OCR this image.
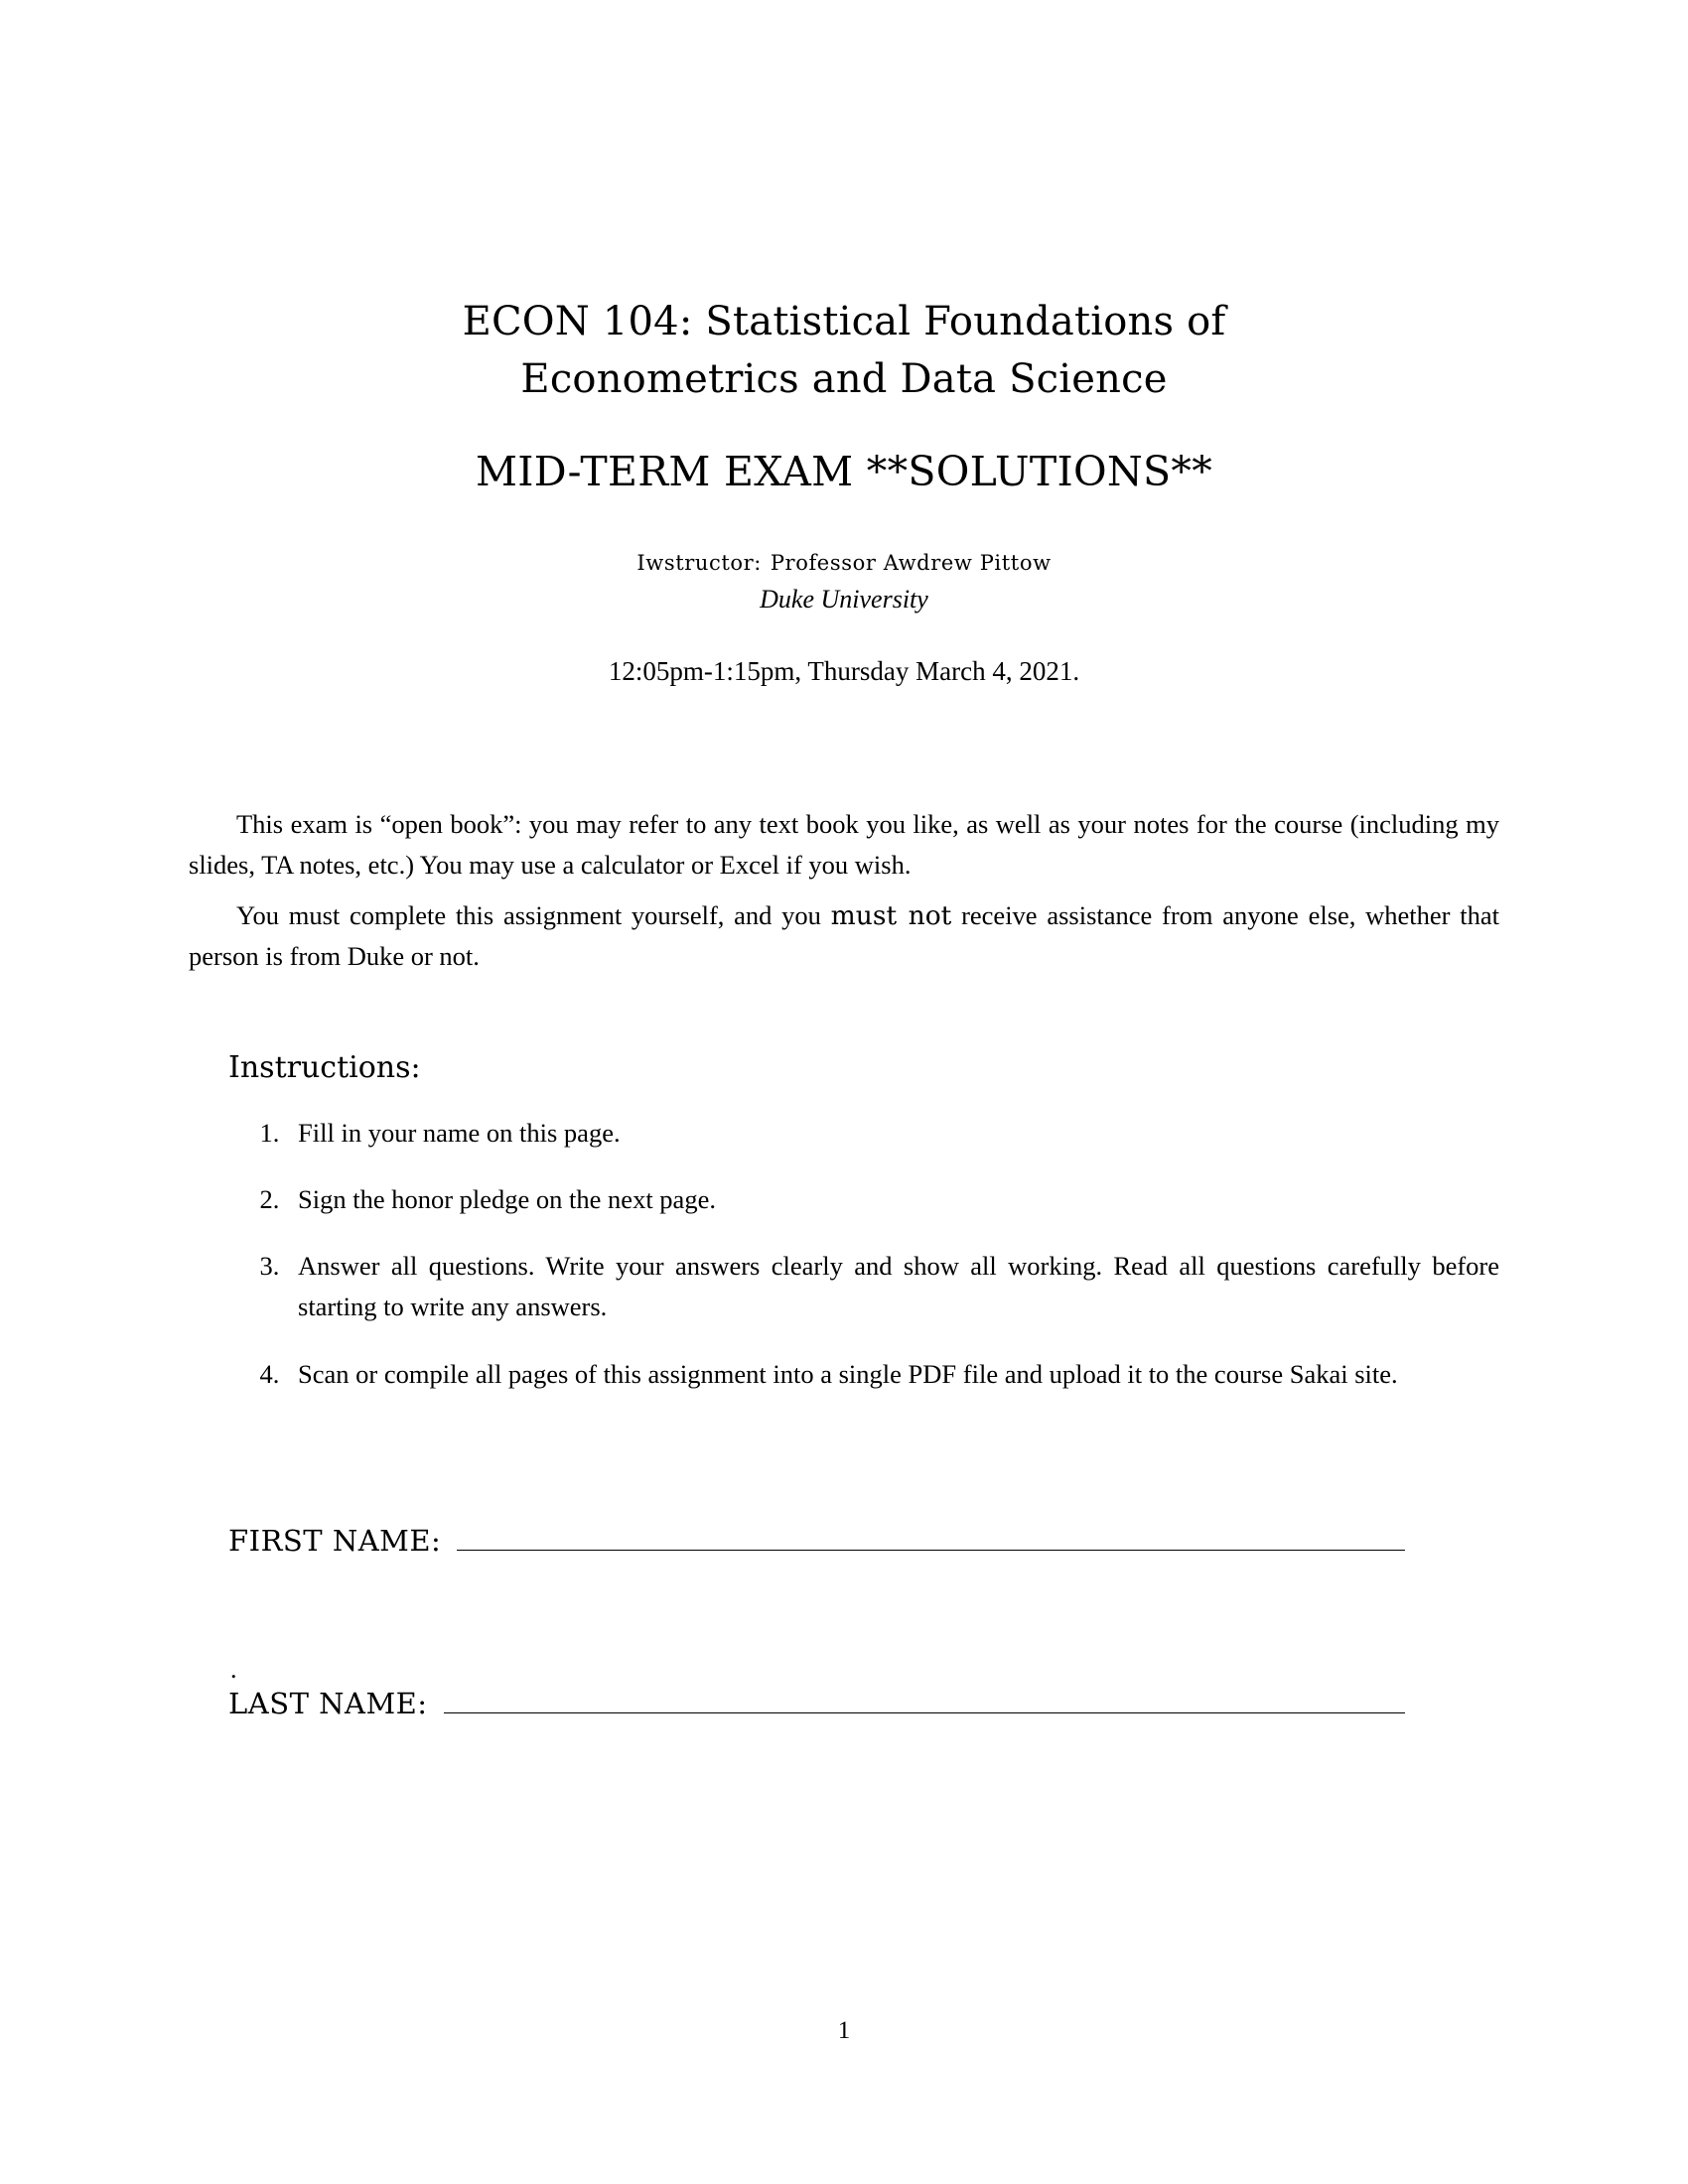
ECON 104: Statistical Foundations of
Econometrics and Data Science
MID-TERM EXAM **SOLUTIONS**
Iwstructor: Professor Awdrew Pittow
Duke University
12:05pm-1:15pm, Thursday March 4, 2021.

This exam is “open book”: you may refer to any text book you like, as well as your notes for the course (including my slides, TA notes, etc.) You may use a calculator or Excel if you wish.

You must complete this assignment yourself, and you must not receive assistance from anyone else, whether that person is from Duke or not.

Instructions:
1. Fill in your name on this page.
2. Sign the honor pledge on the next page.
3. Answer all questions. Write your answers clearly and show all working. Read all questions carefully before starting to write any answers.
4. Scan or compile all pages of this assignment into a single PDF file and upload it to the course Sakai site.
FIRST NAME:
.
LAST NAME:
1
